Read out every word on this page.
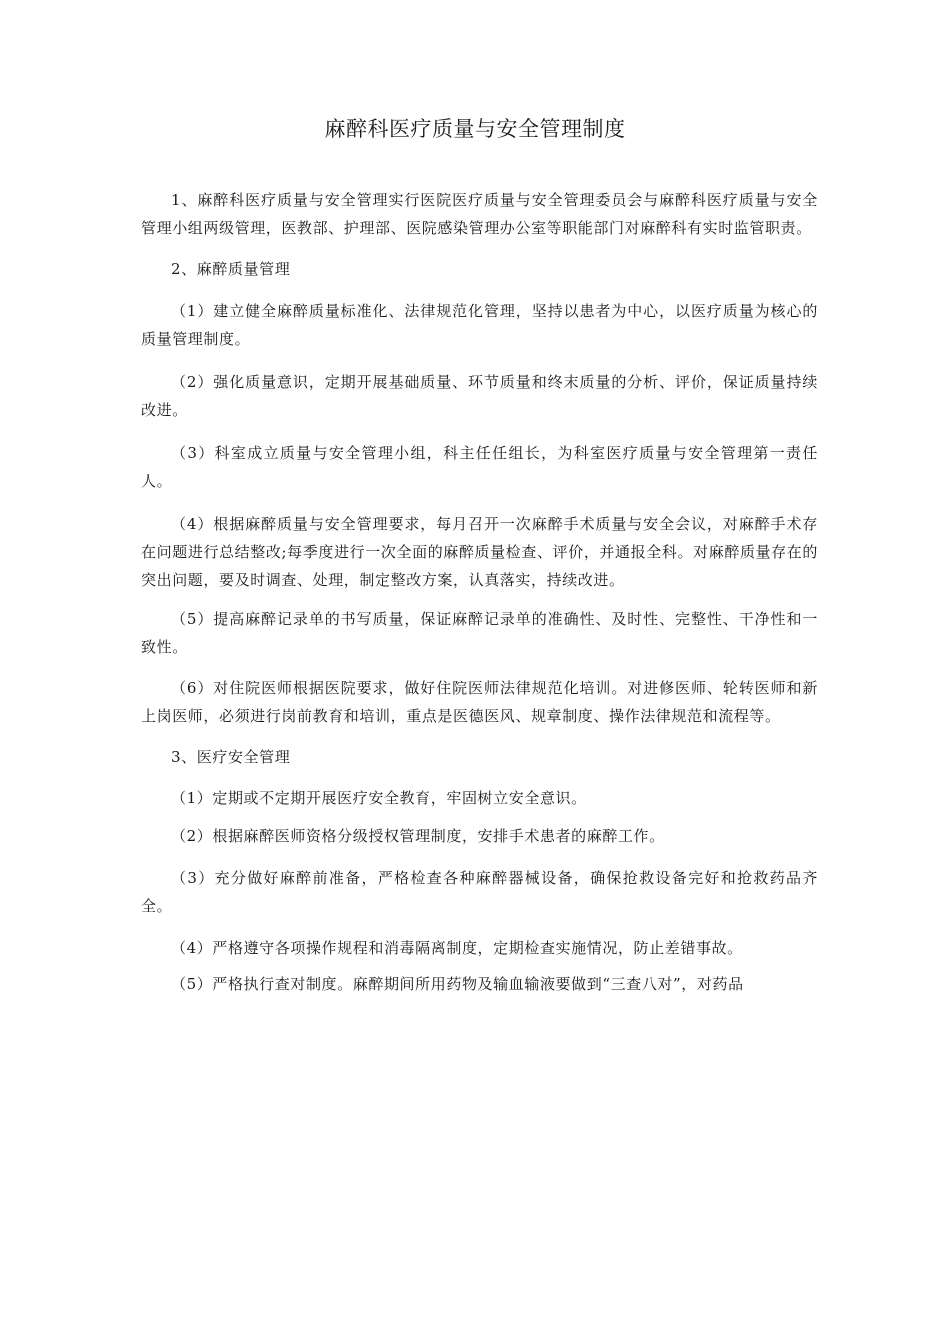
麻醉科医疗质量与安全管理制度

1、麻醉科医疗质量与安全管理实行医院医疗质量与安全管理委员会与麻醉科医疗质量与安全管理小组两级管理，医教部、护理部、医院感染管理办公室等职能部门对麻醉科有实时监管职责。

2、麻醉质量管理

（1）建立健全麻醉质量标准化、法律规范化管理，坚持以患者为中心，以医疗质量为核心的质量管理制度。

（2）强化质量意识，定期开展基础质量、环节质量和终末质量的分析、评价，保证质量持续改进。

（3）科室成立质量与安全管理小组，科主任任组长，为科室医疗质量与安全管理第一责任人。

（4）根据麻醉质量与安全管理要求，每月召开一次麻醉手术质量与安全会议，对麻醉手术存在问题进行总结整改;每季度进行一次全面的麻醉质量检查、评价，并通报全科。对麻醉质量存在的突出问题，要及时调查、处理，制定整改方案，认真落实，持续改进。

（5）提高麻醉记录单的书写质量，保证麻醉记录单的准确性、及时性、完整性、干净性和一致性。

（6）对住院医师根据医院要求，做好住院医师法律规范化培训。对进修医师、轮转医师和新上岗医师，必须进行岗前教育和培训，重点是医德医风、规章制度、操作法律规范和流程等。

3、医疗安全管理

（1）定期或不定期开展医疗安全教育，牢固树立安全意识。

（2）根据麻醉医师资格分级授权管理制度，安排手术患者的麻醉工作。

（3）充分做好麻醉前准备，严格检查各种麻醉器械设备，确保抢救设备完好和抢救药品齐全。

（4）严格遵守各项操作规程和消毒隔离制度，定期检查实施情况，防止差错事故。

（5）严格执行查对制度。麻醉期间所用药物及输血输液要做到“三查八对”，对药品
